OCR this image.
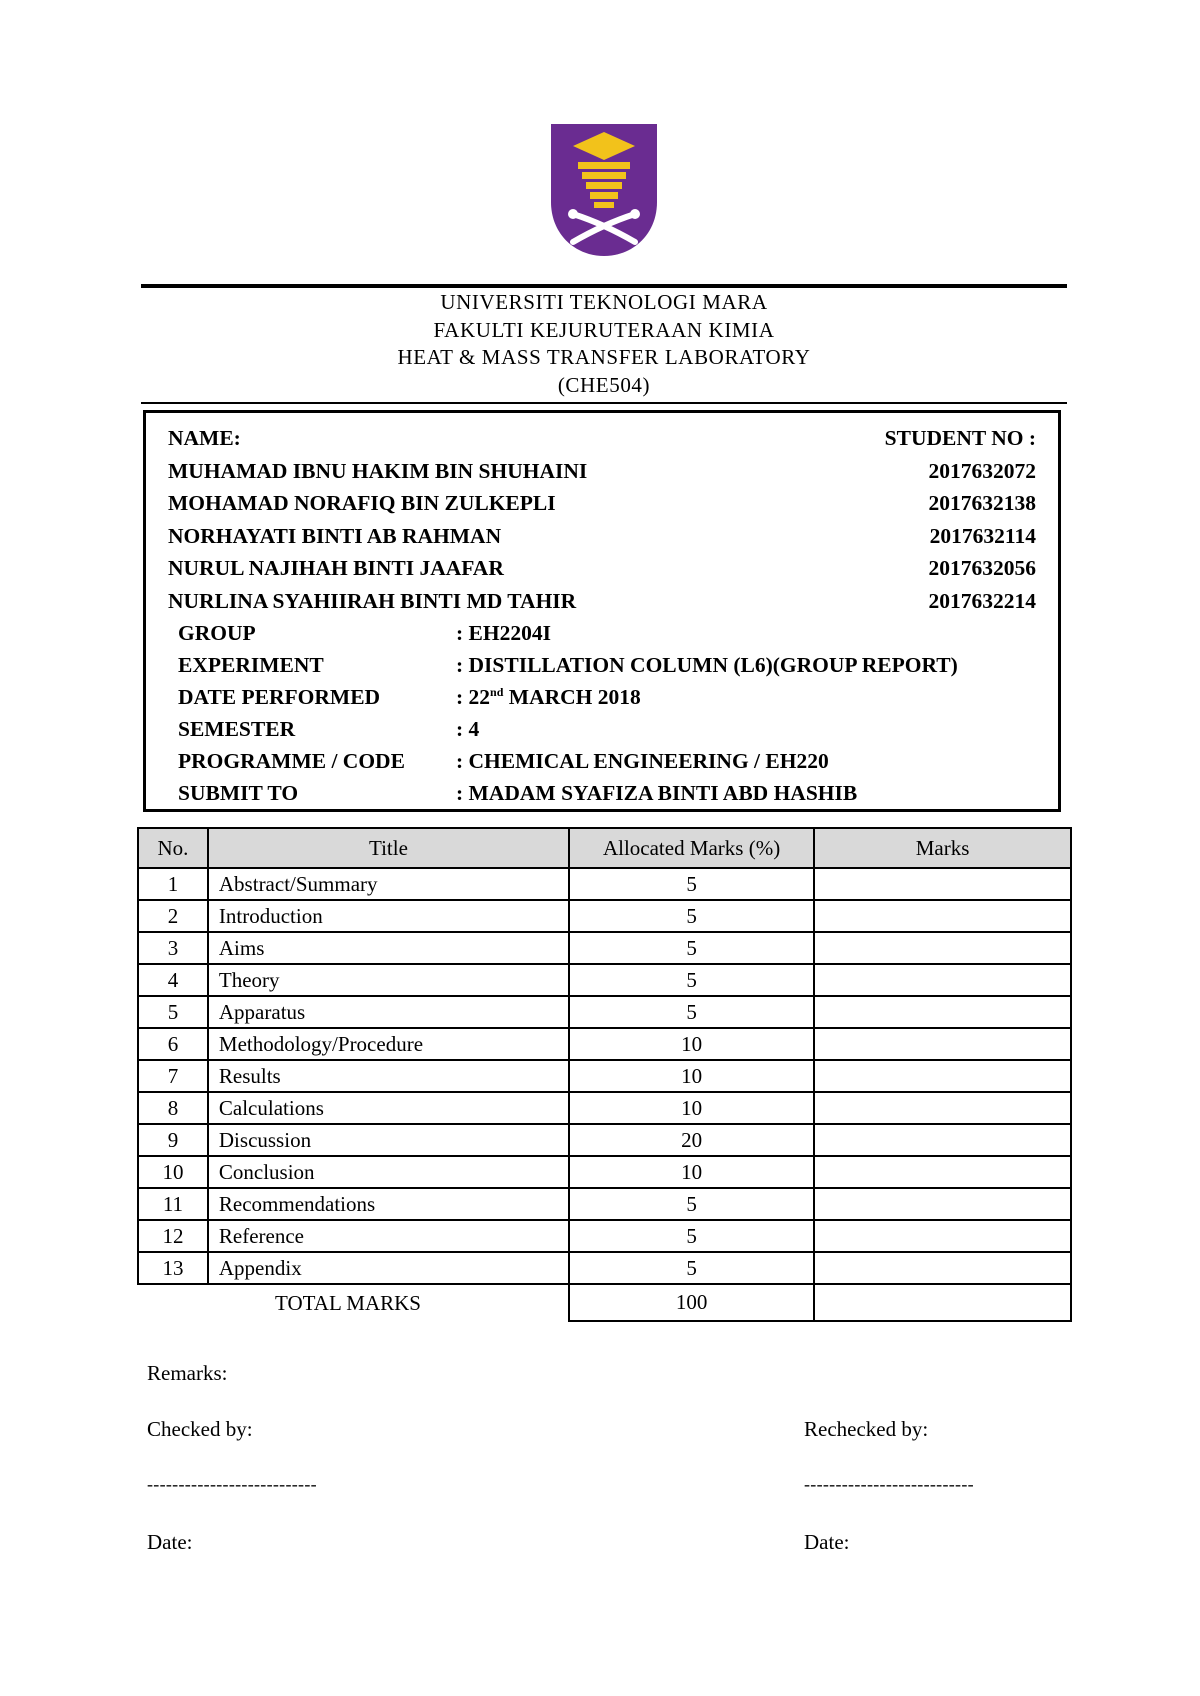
UNIVERSITI TEKNOLOGI MARA
FAKULTI KEJURUTERAAN KIMIA
HEAT & MASS TRANSFER LABORATORY
(CHE504)
NAME:	STUDENT NO :
MUHAMAD IBNU HAKIM BIN SHUHAINI	2017632072
MOHAMAD NORAFIQ BIN ZULKEPLI	2017632138
NORHAYATI BINTI AB RAHMAN	2017632114
NURUL NAJIHAH BINTI JAAFAR	2017632056
NURLINA SYAHIIRAH BINTI MD TAHIR	2017632214
GROUP	: EH2204I
EXPERIMENT	: DISTILLATION COLUMN (L6)(GROUP REPORT)
DATE PERFORMED	: 22nd MARCH 2018
SEMESTER	: 4
PROGRAMME / CODE : CHEMICAL ENGINEERING / EH220
SUBMIT TO	: MADAM SYAFIZA BINTI ABD HASHIB
No.	Title	Allocated Marks (%)	Marks
1	Abstract/Summary	5	
2	Introduction	5	
3	Aims	5	
4	Theory	5	
5	Apparatus	5	
6	Methodology/Procedure	10	
7	Results	10	
8	Calculations	10	
9	Discussion	20	
10	Conclusion	10	
11	Recommendations	5	
12	Reference	5	
13	Appendix	5	
TOTAL MARKS		100	
Remarks:
Checked by:	Rechecked by:
---------------------------	---------------------------
Date:	Date:
